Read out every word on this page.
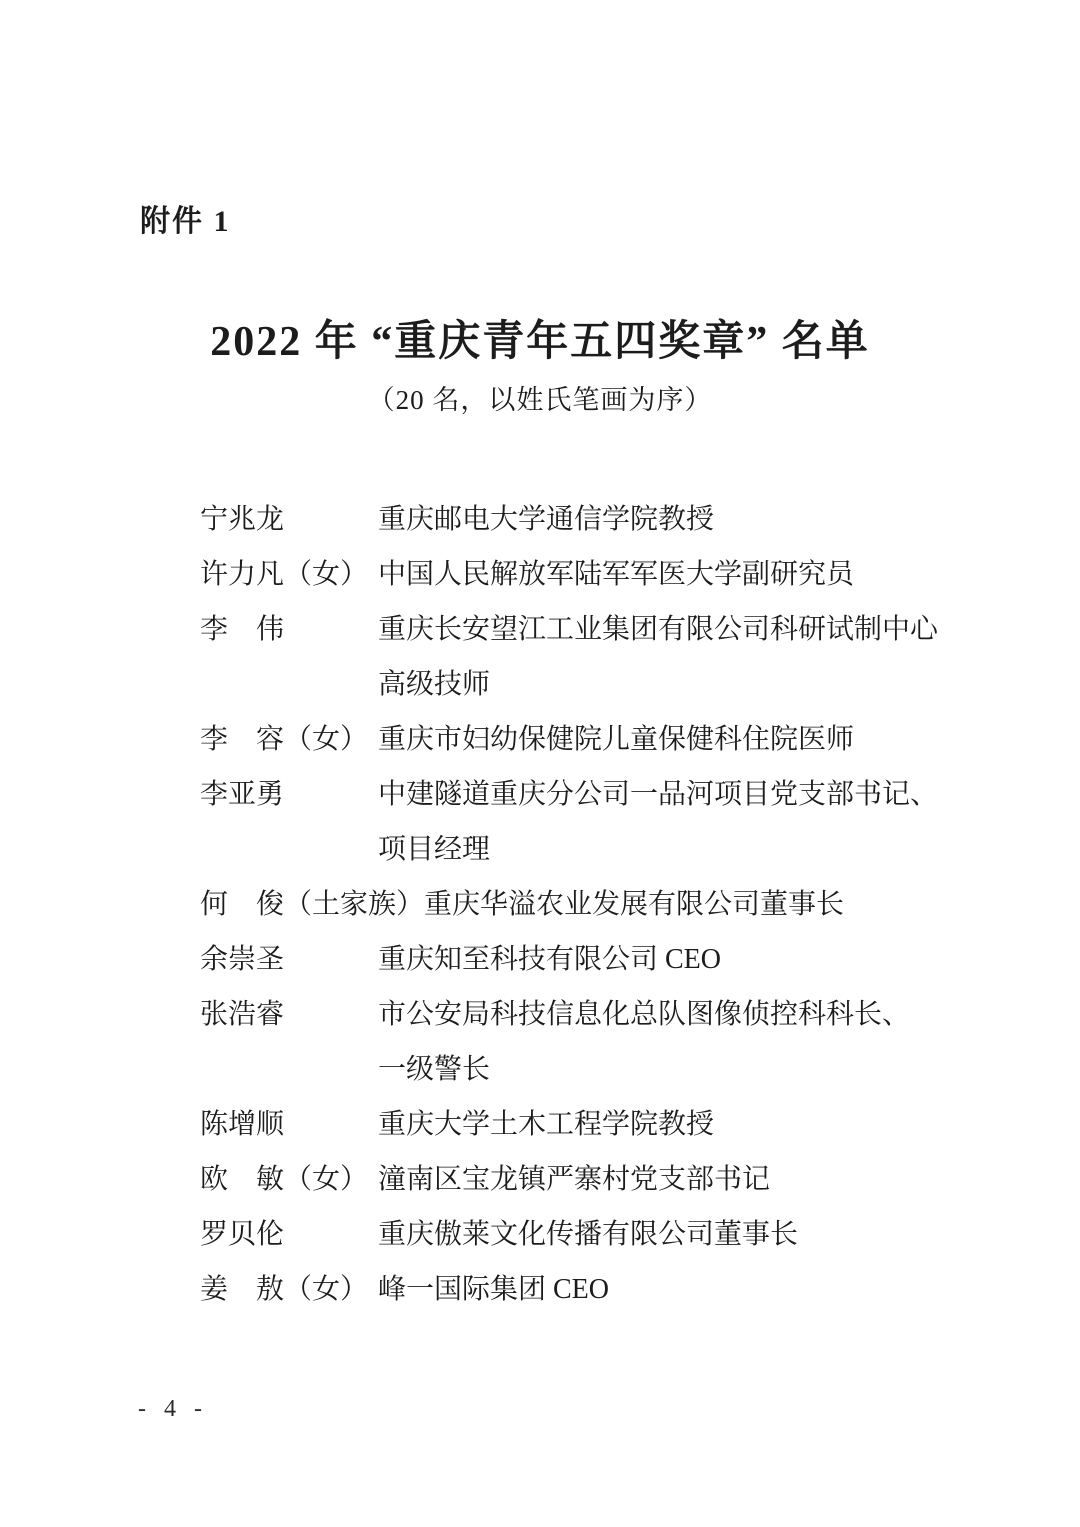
附件 1
2022 年 “重庆青年五四奖章” 名单
（20 名，以姓氏笔画为序）
宁兆龙	重庆邮电大学通信学院教授
许力凡 （女） 中国人民解放军陆军军医大学副研究员
李　伟	重庆长安望江工业集团有限公司科研试制中心
高级技师
李　容 （女） 重庆市妇幼保健院儿童保健科住院医师
李亚勇	中建隧道重庆分公司一品河项目党支部书记、
项目经理
何　俊 （土家族） 重庆华溢农业发展有限公司董事长
余崇圣	重庆知至科技有限公司 CEO
张浩睿	市公安局科技信息化总队图像侦控科科长、
一级警长
陈增顺	重庆大学土木工程学院教授
欧　敏 （女） 潼南区宝龙镇严寨村党支部书记
罗贝伦	重庆傲莱文化传播有限公司董事长
姜　敖 （女） 峰一国际集团 CEO
- 4 -
